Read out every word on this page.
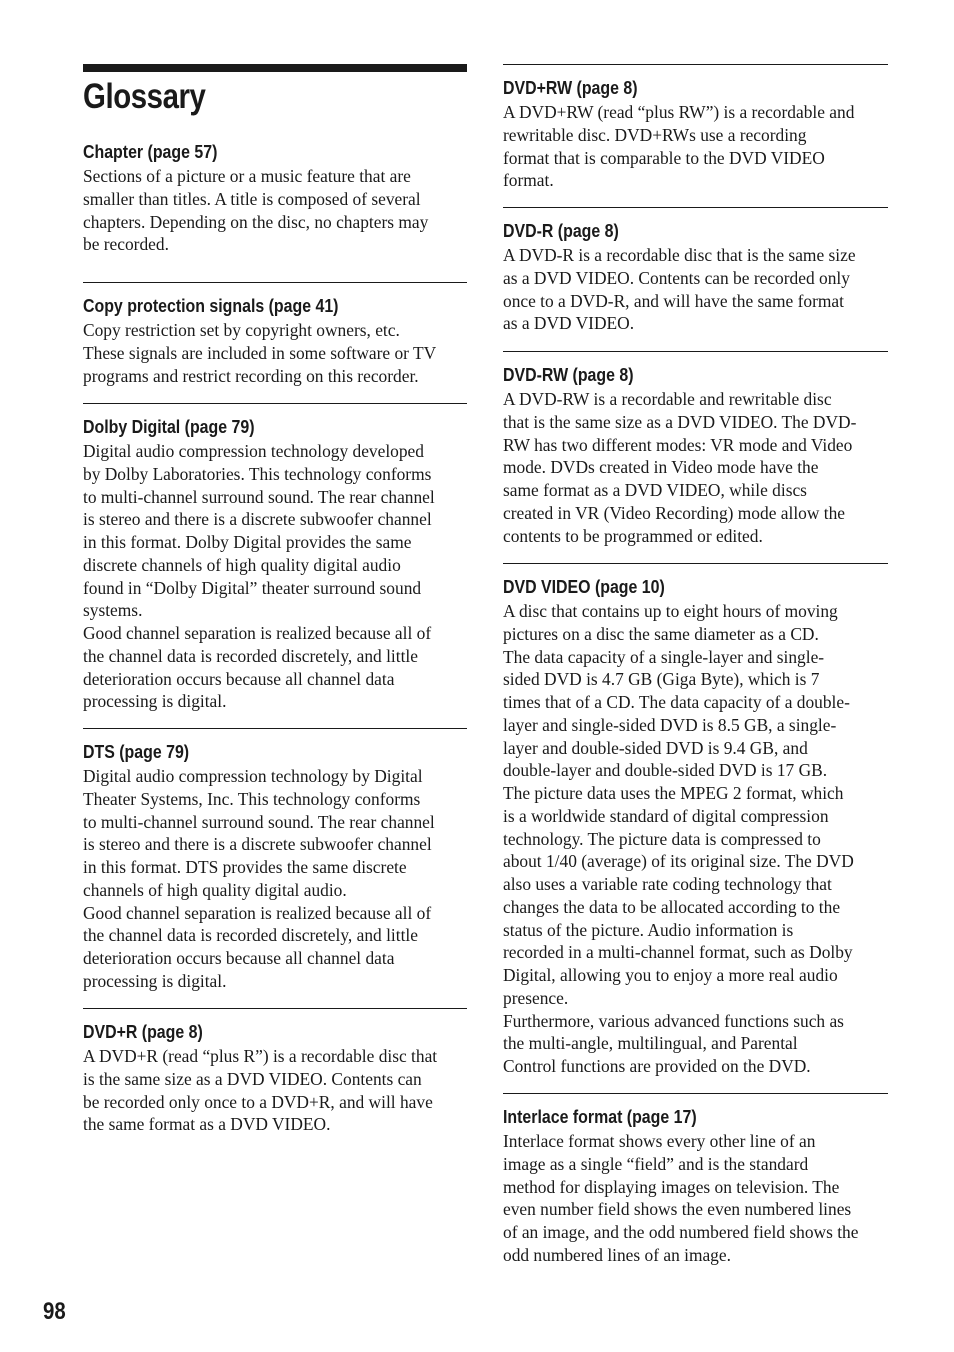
Glossary
Chapter (page 57)
Sections of a picture or a music feature that are
smaller than titles. A title is composed of several
chapters. Depending on the disc, no chapters may
be recorded.
Copy protection signals (page 41)
Copy restriction set by copyright owners, etc.
These signals are included in some software or TV
programs and restrict recording on this recorder.
Dolby Digital (page 79)
Digital audio compression technology developed
by Dolby Laboratories. This technology conforms
to multi-channel surround sound. The rear channel
is stereo and there is a discrete subwoofer channel
in this format. Dolby Digital provides the same
discrete channels of high quality digital audio
found in “Dolby Digital” theater surround sound
systems.
Good channel separation is realized because all of
the channel data is recorded discretely, and little
deterioration occurs because all channel data
processing is digital.
DTS (page 79)
Digital audio compression technology by Digital
Theater Systems, Inc. This technology conforms
to multi-channel surround sound. The rear channel
is stereo and there is a discrete subwoofer channel
in this format. DTS provides the same discrete
channels of high quality digital audio.
Good channel separation is realized because all of
the channel data is recorded discretely, and little
deterioration occurs because all channel data
processing is digital.
DVD+R (page 8)
A DVD+R (read “plus R”) is a recordable disc that
is the same size as a DVD VIDEO. Contents can
be recorded only once to a DVD+R, and will have
the same format as a DVD VIDEO.
DVD+RW (page 8)
A DVD+RW (read “plus RW”) is a recordable and
rewritable disc. DVD+RWs use a recording
format that is comparable to the DVD VIDEO
format.
DVD-R (page 8)
A DVD-R is a recordable disc that is the same size
as a DVD VIDEO. Contents can be recorded only
once to a DVD-R, and will have the same format
as a DVD VIDEO.
DVD-RW (page 8)
A DVD-RW is a recordable and rewritable disc
that is the same size as a DVD VIDEO. The DVD-
RW has two different modes: VR mode and Video
mode. DVDs created in Video mode have the
same format as a DVD VIDEO, while discs
created in VR (Video Recording) mode allow the
contents to be programmed or edited.
DVD VIDEO (page 10)
A disc that contains up to eight hours of moving
pictures on a disc the same diameter as a CD.
The data capacity of a single-layer and single-
sided DVD is 4.7 GB (Giga Byte), which is 7
times that of a CD. The data capacity of a double-
layer and single-sided DVD is 8.5 GB, a single-
layer and double-sided DVD is 9.4 GB, and
double-layer and double-sided DVD is 17 GB.
The picture data uses the MPEG 2 format, which
is a worldwide standard of digital compression
technology. The picture data is compressed to
about 1/40 (average) of its original size. The DVD
also uses a variable rate coding technology that
changes the data to be allocated according to the
status of the picture. Audio information is
recorded in a multi-channel format, such as Dolby
Digital, allowing you to enjoy a more real audio
presence.
Furthermore, various advanced functions such as
the multi-angle, multilingual, and Parental
Control functions are provided on the DVD.
Interlace format (page 17)
Interlace format shows every other line of an
image as a single “field” and is the standard
method for displaying images on television. The
even number field shows the even numbered lines
of an image, and the odd numbered field shows the
odd numbered lines of an image.
98
